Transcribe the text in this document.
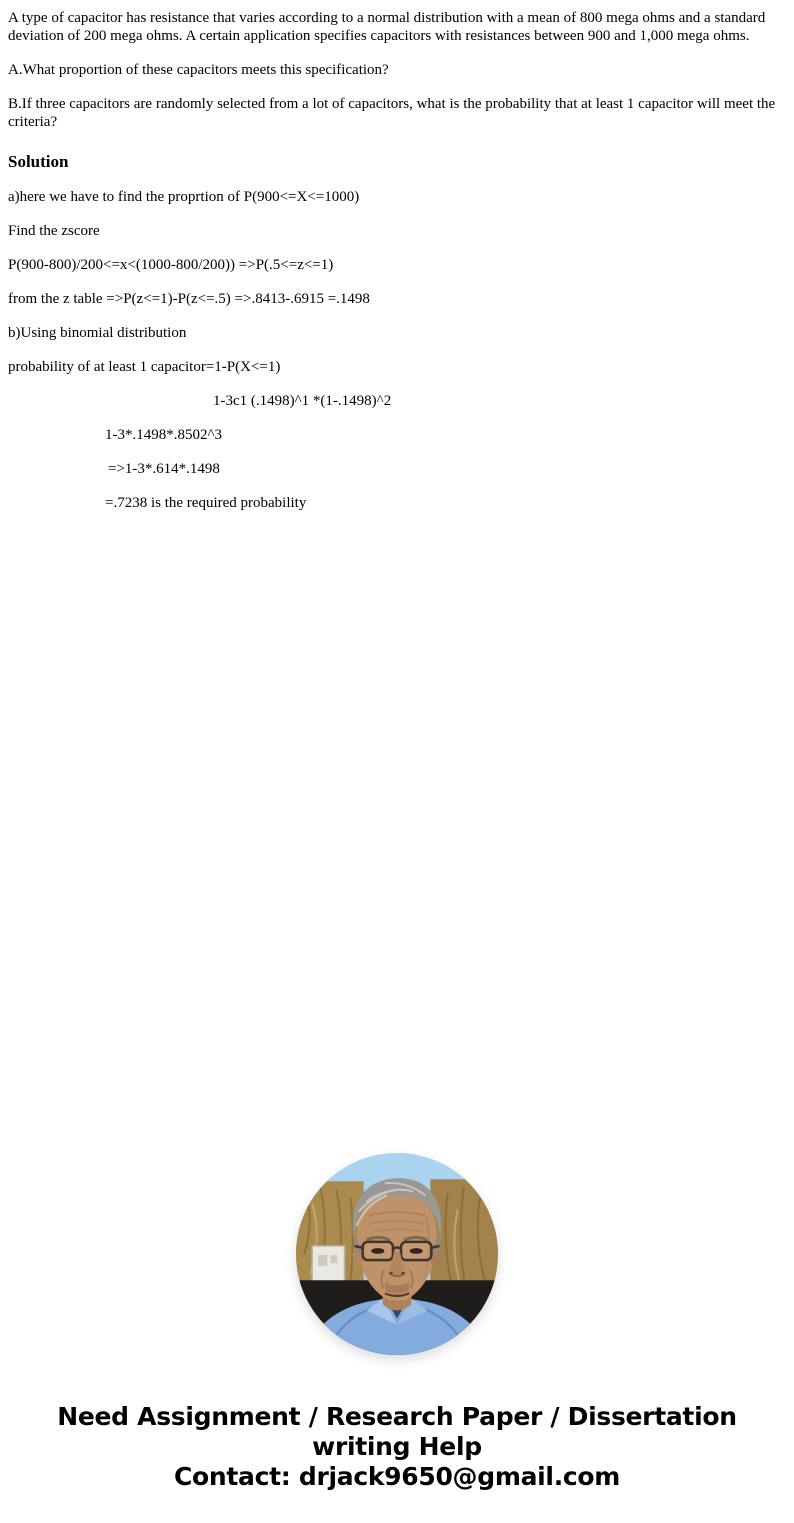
A type of capacitor has resistance that varies according to a normal distribution with a mean of 800 mega ohms and a standard deviation of 200 mega ohms. A certain application specifies capacitors with resistances between 900 and 1,000 mega ohms.

A.What proportion of these capacitors meets this specification?

B.If three capacitors are randomly selected from a lot of capacitors, what is the probability that at least 1 capacitor will meet the criteria?

Solution

a)here we have to find the proprtion of P(900<=X<=1000)

Find the zscore

P(900-800)/200<=x<(1000-800/200)) =>P(.5<=z<=1)

from the z table =>P(z<=1)-P(z<=.5) =>.8413-.6915 =.1498

b)Using binomial distribution

probability of at least 1 capacitor=1-P(X<=1)

1-3c1 (.1498)^1 *(1-.1498)^2

1-3*.1498*.8502^3

=>1-3*.614*.1498

=.7238 is the required probability

Need Assignment / Research Paper / Dissertation writing Help
Contact: drjack9650@gmail.com
